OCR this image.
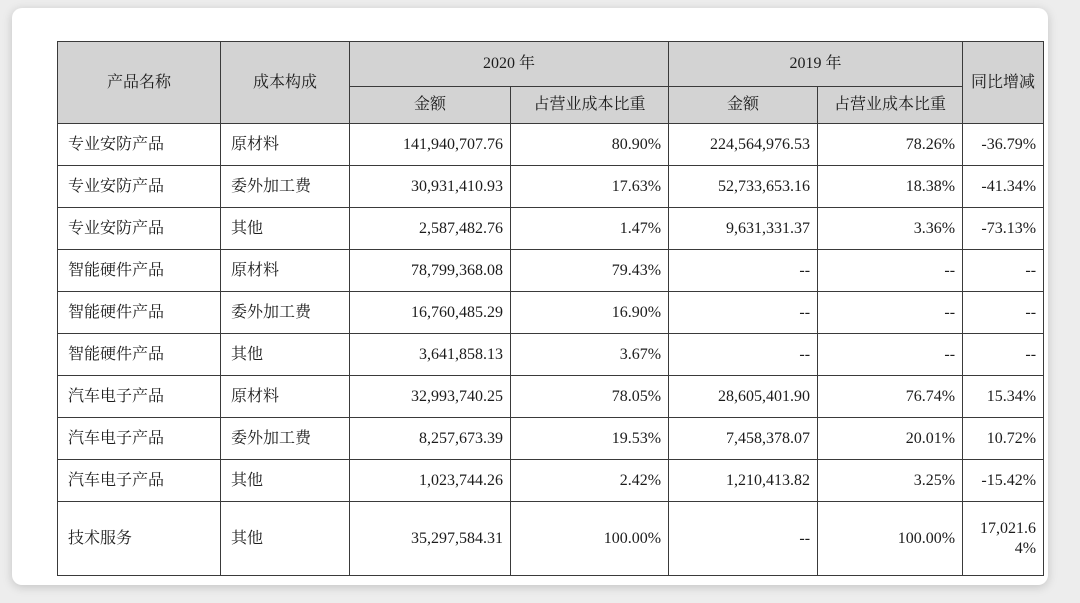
产品名称	成本构成	2020 年		2019 年		同比增减
		金额	占营业成本比重	金额	占营业成本比重	
专业安防产品	原材料	141,940,707.76	80.90%	224,564,976.53	78.26%	-36.79%
专业安防产品	委外加工费	30,931,410.93	17.63%	52,733,653.16	18.38%	-41.34%
专业安防产品	其他	2,587,482.76	1.47%	9,631,331.37	3.36%	-73.13%
智能硬件产品	原材料	78,799,368.08	79.43%	--	--	--
智能硬件产品	委外加工费	16,760,485.29	16.90%	--	--	--
智能硬件产品	其他	3,641,858.13	3.67%	--	--	--
汽车电子产品	原材料	32,993,740.25	78.05%	28,605,401.90	76.74%	15.34%
汽车电子产品	委外加工费	8,257,673.39	19.53%	7,458,378.07	20.01%	10.72%
汽车电子产品	其他	1,023,744.26	2.42%	1,210,413.82	3.25%	-15.42%
技术服务	其他	35,297,584.31	100.00%	--	100.00%	17,021.64%
